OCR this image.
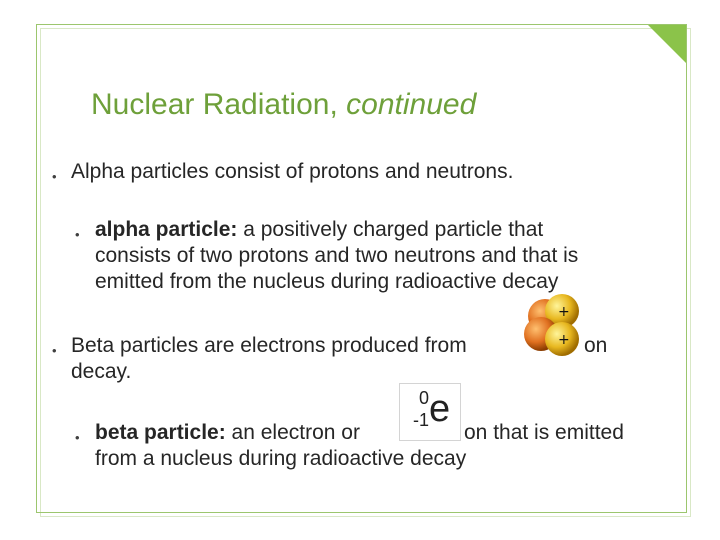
Nuclear Radiation, continued
• Alpha particles consist of protons and neutrons.
• alpha particle: a positively charged particle that
consists of two protons and two neutrons and that is
emitted from the nucleus during radioactive decay
• Beta particles are electrons produced from	on
decay.
+
+
• beta particle: an electron or	on that is emitted
from a nucleus during radioactive decay
0
-1 e
